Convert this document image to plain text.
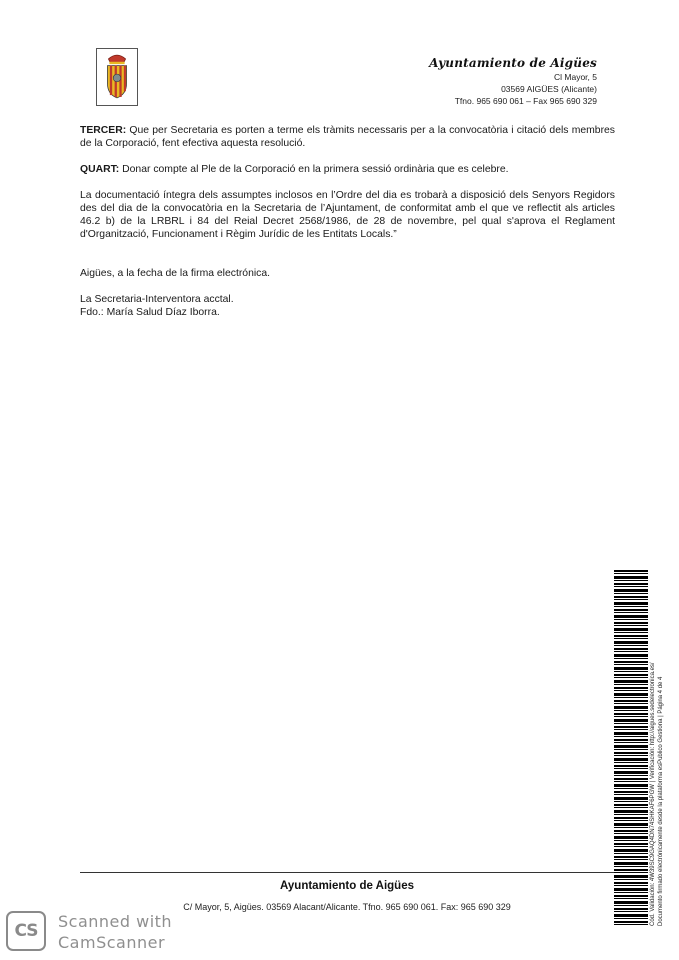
Ayuntamiento de Aigües
Cl Mayor, 5
03569 AIGÜES (Alicante)
Tfno. 965 690 061 – Fax 965 690 329

TERCER: Que per Secretaria es porten a terme els tràmits necessaris per a la convocatòria i citació dels membres de la Corporació, fent efectiva aquesta resolució.

QUART: Donar compte al Ple de la Corporació en la primera sessió ordinària que es celebre.

La documentació íntegra dels assumptes inclosos en l’Ordre del dia es trobarà a disposició dels Senyors Regidors des del dia de la convocatòria en la Secretaria de l’Ajuntament, de conformitat amb el que ve reflectit als articles 46.2 b) de la LRBRL i 84 del Reial Decret 2568/1986, de 28 de novembre, pel qual s'aprova el Reglament d'Organització, Funcionament i Règim Jurídic de les Entitats Locals.”

Aigües, a la fecha de la firma electrónica.

La Secretaria-Interventora acctal.

Fdo.: María Salud Díaz Iborra.

Cód. Validación: 4W39SC9GAQ4DN74SHKAF6PGW | Verificación: http://aigues.sedelectronica.es/ Documento firmado electrónicamente desde la plataforma esPublico Gestiona | Página 4 de 4
Ayuntamiento de Aigües
C/ Mayor, 5, Aigües. 03569 Alacant/Alicante. Tfno. 965 690 061. Fax: 965 690 329
CS	Scanned with
CamScanner
